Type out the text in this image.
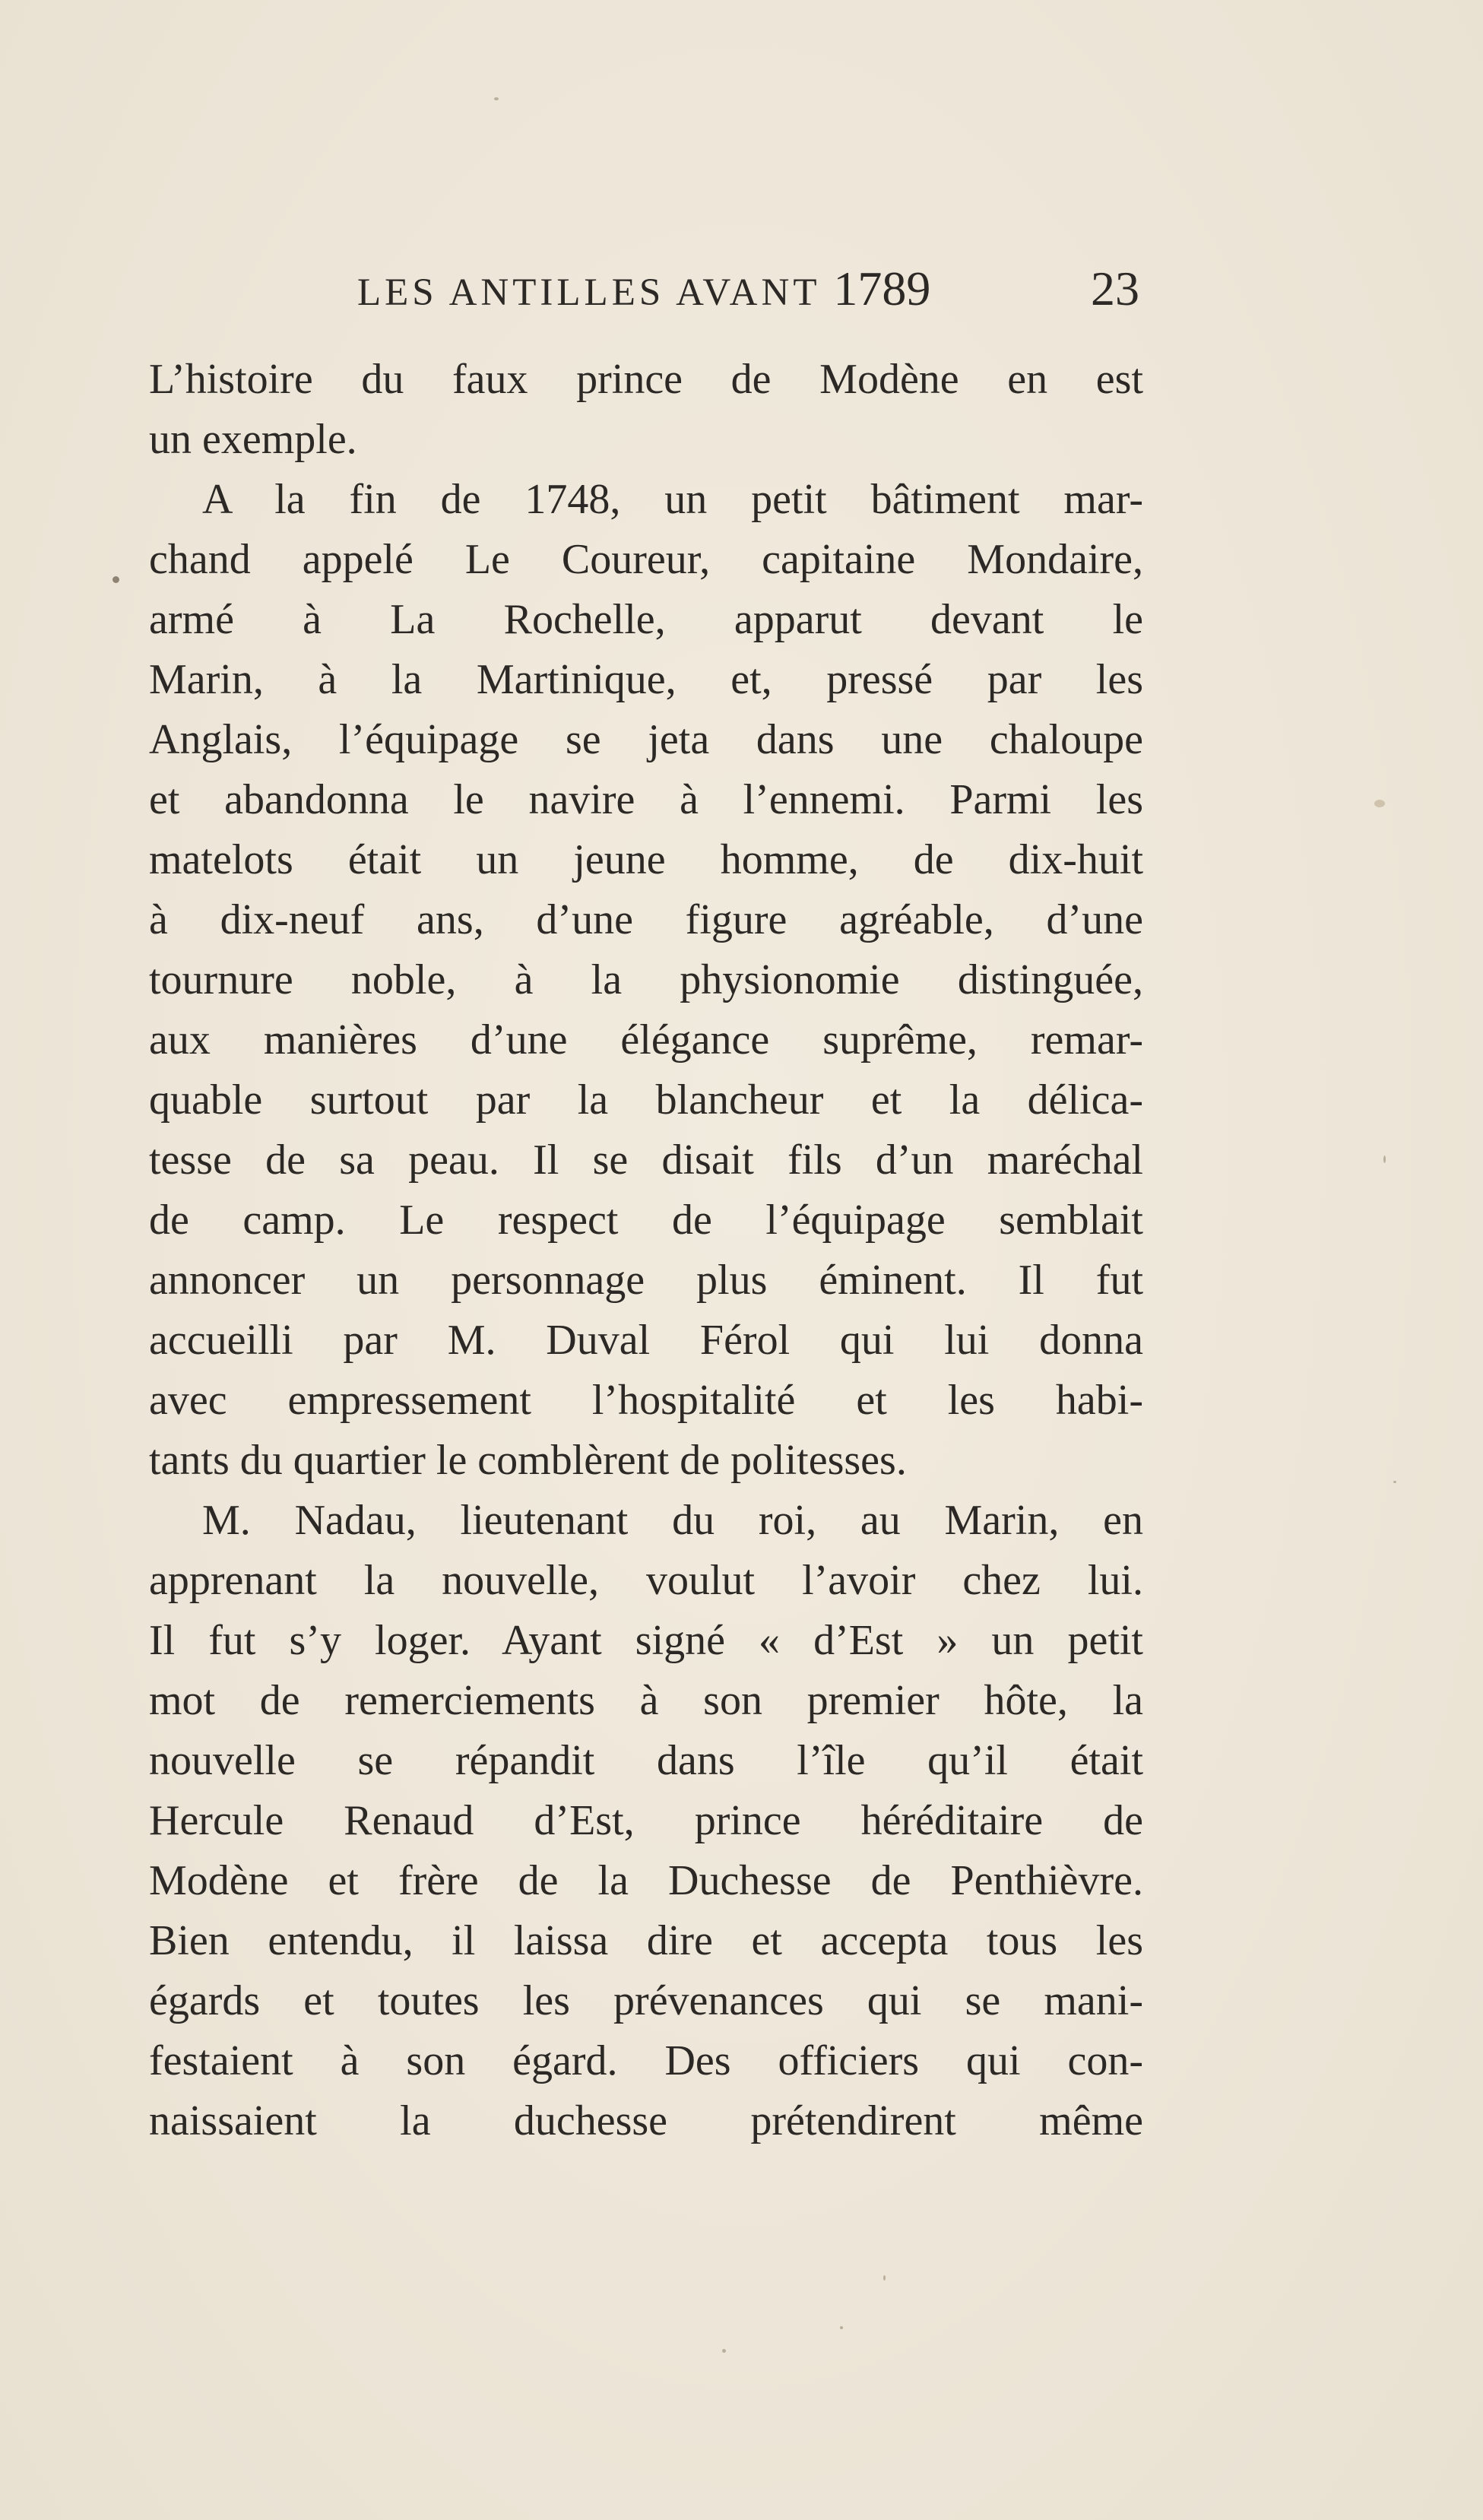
LES ANTILLES AVANT 1789	23
L’histoire du faux prince de Modène en est
un exemple.
A la fin de 1748, un petit bâtiment mar-
chand appelé Le Coureur, capitaine Mondaire,
armé à La Rochelle, apparut devant le
Marin, à la Martinique, et, pressé par les
Anglais, l’équipage se jeta dans une chaloupe
et abandonna le navire à l’ennemi. Parmi les
matelots était un jeune homme, de dix-huit
à dix-neuf ans, d’une figure agréable, d’une
tournure noble, à la physionomie distinguée,
aux manières d’une élégance suprême, remar-
quable surtout par la blancheur et la délica-
tesse de sa peau. Il se disait fils d’un maréchal
de camp. Le respect de l’équipage semblait
annoncer un personnage plus éminent. Il fut
accueilli par M. Duval Férol qui lui donna
avec empressement l’hospitalité et les habi-
tants du quartier le comblèrent de politesses.
M. Nadau, lieutenant du roi, au Marin, en
apprenant la nouvelle, voulut l’avoir chez lui.
Il fut s’y loger. Ayant signé « d’Est » un petit
mot de remerciements à son premier hôte, la
nouvelle se répandit dans l’île qu’il était
Hercule Renaud d’Est, prince héréditaire de
Modène et frère de la Duchesse de Penthièvre.
Bien entendu, il laissa dire et accepta tous les
égards et toutes les prévenances qui se mani-
festaient à son égard. Des officiers qui con-
naissaient la duchesse prétendirent même
